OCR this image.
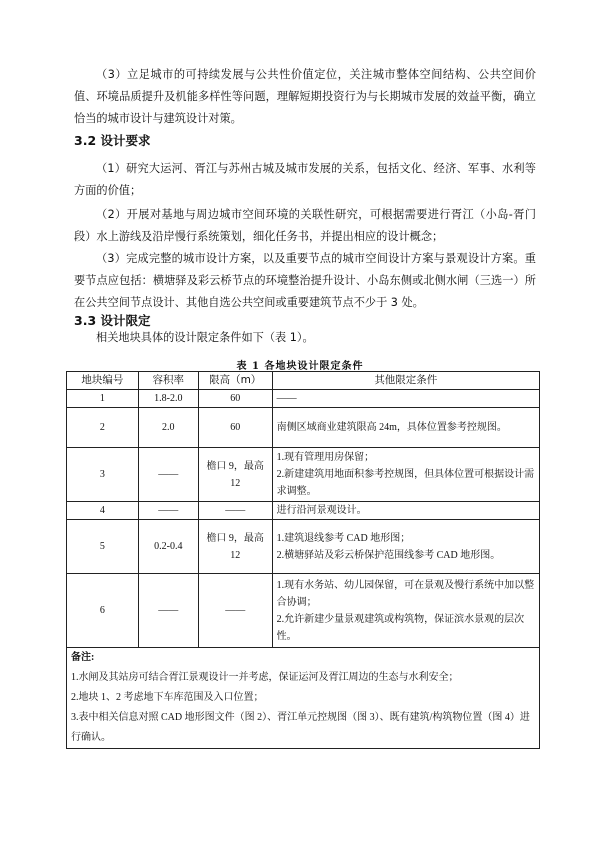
（3）立足城市的可持续发展与公共性价值定位，关注城市整体空间结构、公共空间价值、环境品质提升及机能多样性等问题，理解短期投资行为与长期城市发展的效益平衡，确立恰当的城市设计与建筑设计对策。

3.2 设计要求

（1）研究大运河、胥江与苏州古城及城市发展的关系，包括文化、经济、军事、水利等方面的价值；

（2）开展对基地与周边城市空间环境的关联性研究，可根据需要进行胥江（小岛-胥门段）水上游线及沿岸慢行系统策划，细化任务书，并提出相应的设计概念；

（3）完成完整的城市设计方案，以及重要节点的城市空间设计方案与景观设计方案。重要节点应包括：横塘驿及彩云桥节点的环境整治提升设计、小岛东侧或北侧水闸（三选一）所在公共空间节点设计、其他自选公共空间或重要建筑节点不少于 3 处。

3.3 设计限定

相关地块具体的设计限定条件如下（表 1）。

表 1 各地块设计限定条件
地块编号	容积率	限高（m）	其他限定条件
1	1.8-2.0	60	——

2	2.0	60	南侧区域商业建筑限高 24m，具体位置参考控规图。

3	——	檐口 9，最高 12	1.现有管理用房保留；
2.新建建筑用地面积参考控规图，但具体位置可根据设计需求调整。

4	——	——	进行沿河景观设计。

5	0.2-0.4	檐口 9，最高 12	1.建筑退线参考 CAD 地形图；
2.横塘驿站及彩云桥保护范围线参考 CAD 地形图。

6	——	——	1.现有水务站、幼儿园保留，可在景观及慢行系统中加以整合协调；
2.允许新建少量景观建筑或构筑物，保证滨水景观的层次性。

备注:
1.水闸及其站房可结合胥江景观设计一并考虑，保证运河及胥江周边的生态与水利安全；
2.地块 1、2 考虑地下车库范围及入口位置；
3.表中相关信息对照 CAD 地形图文件（图 2）、胥江单元控规图（图 3）、既有建筑/构筑物位置（图 4）进行确认。			
